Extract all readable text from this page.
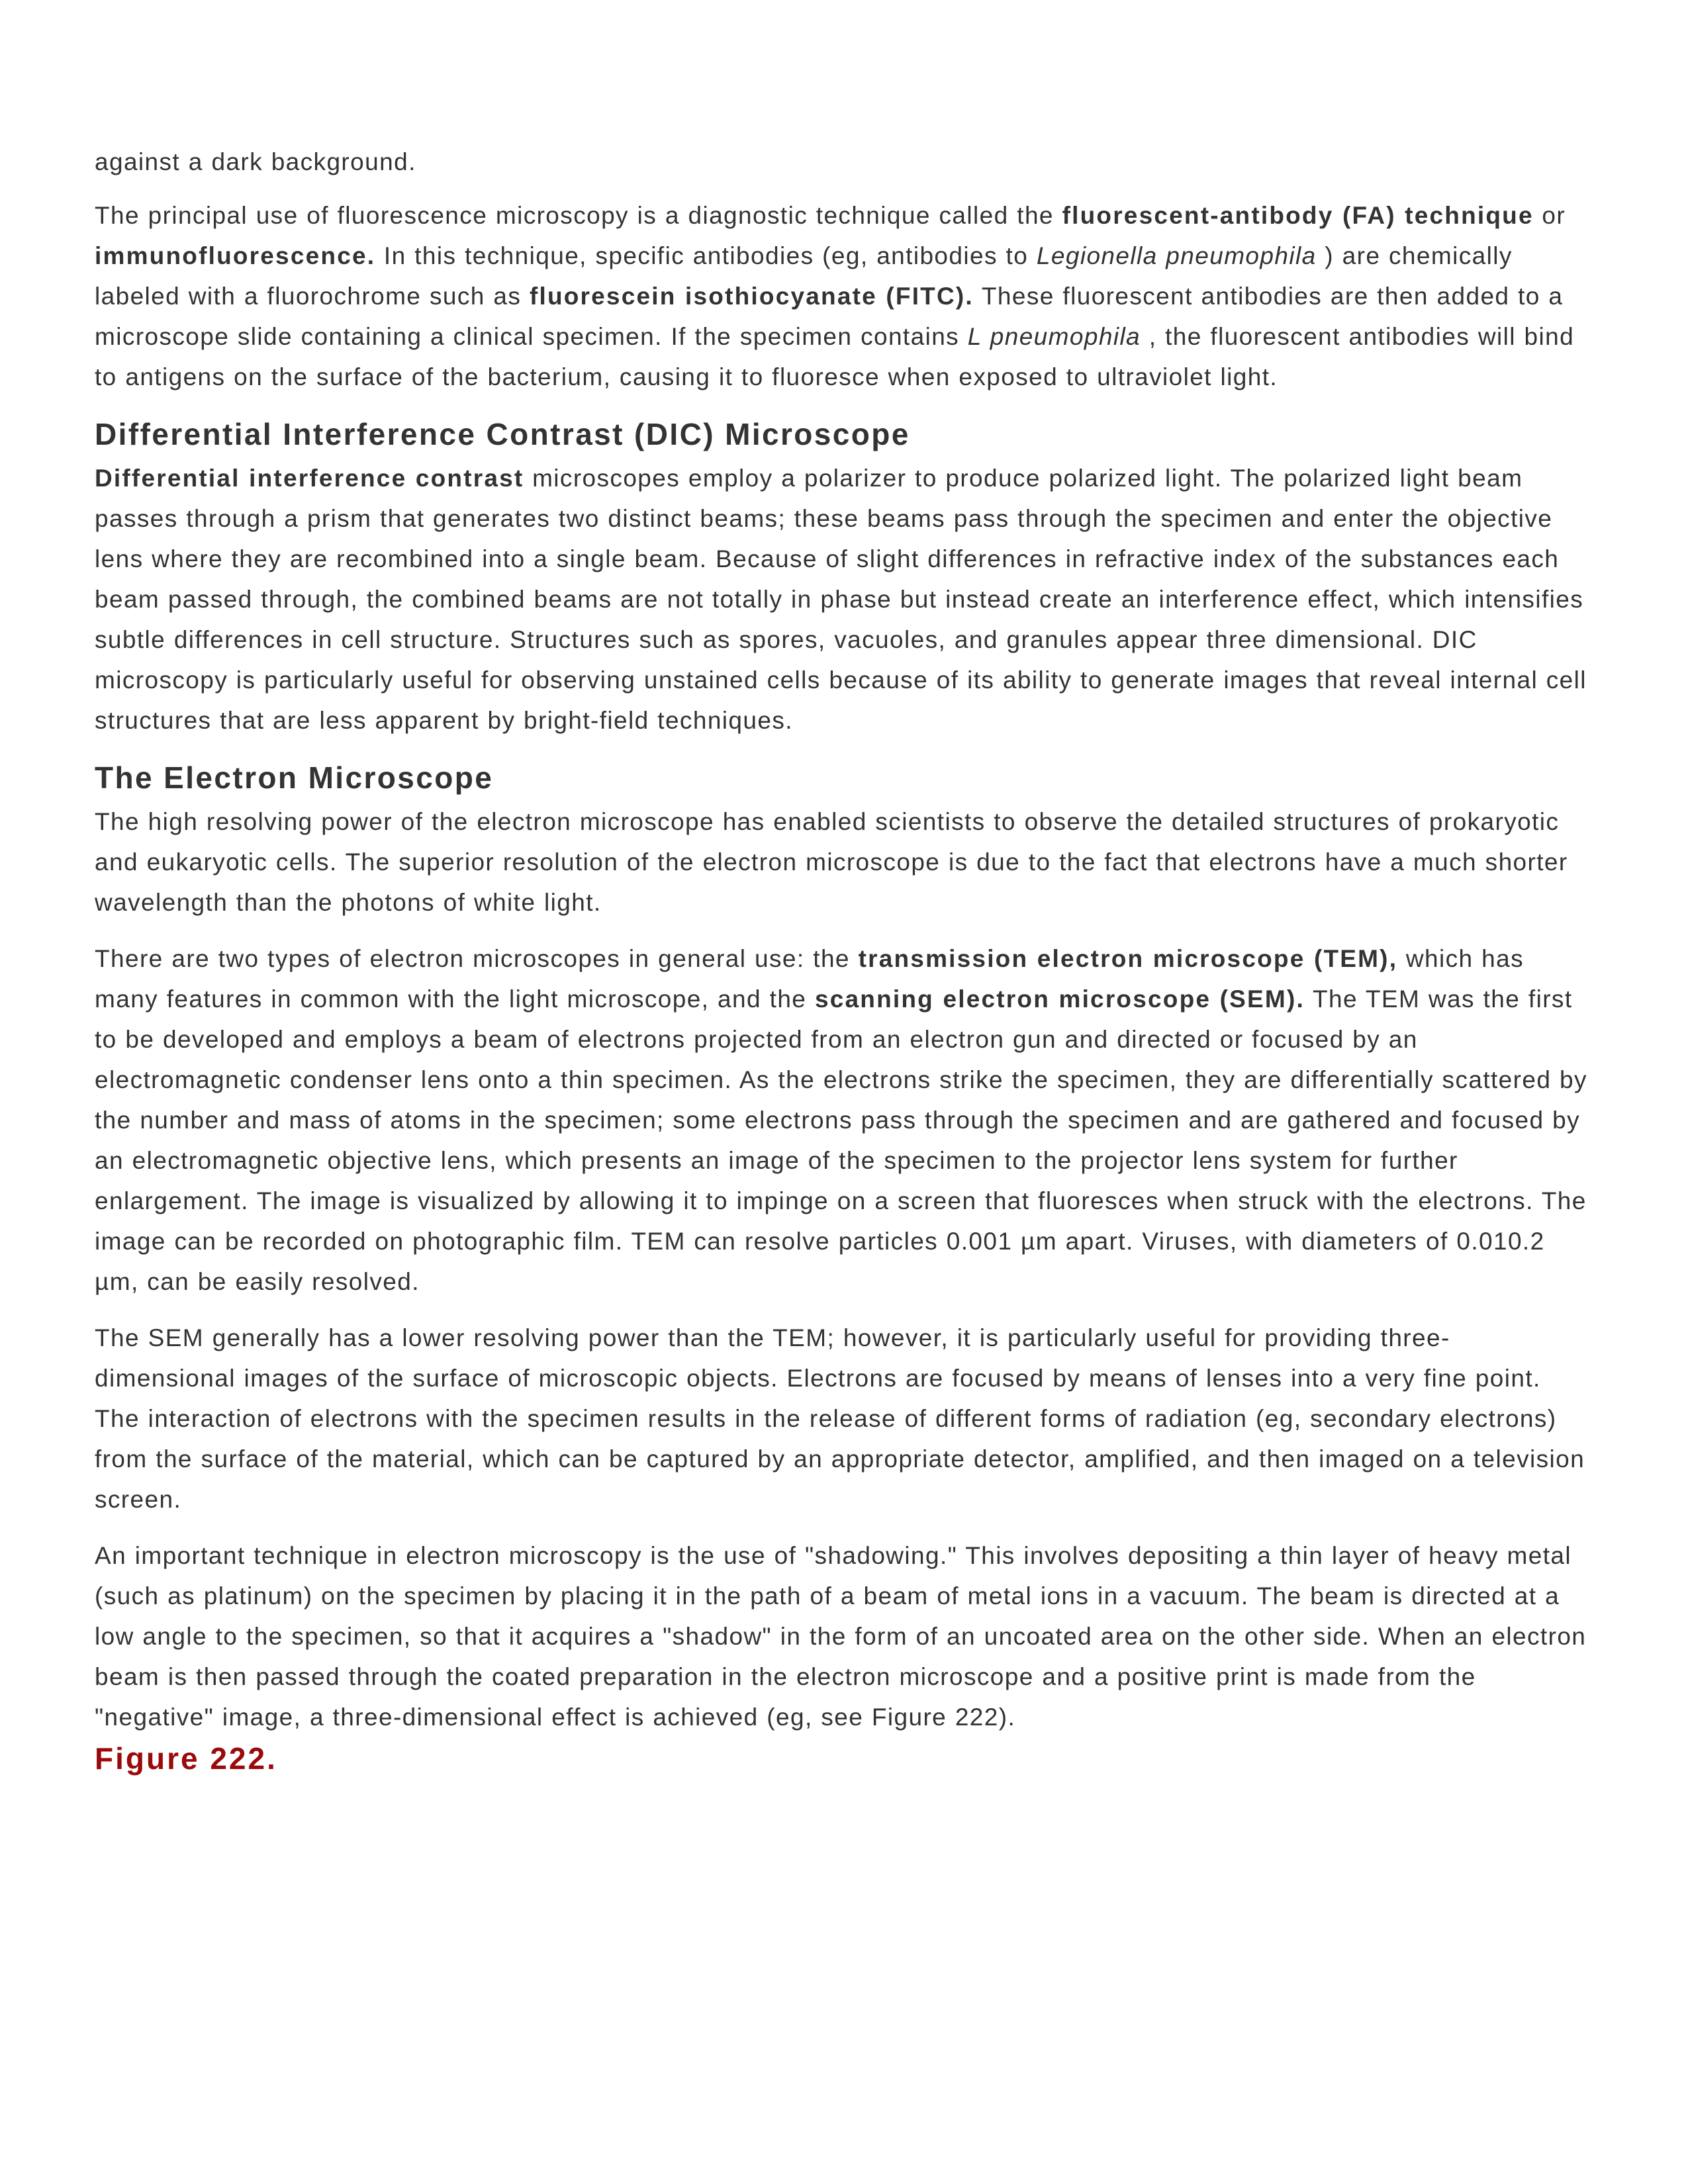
against a dark background.

The principal use of fluorescence microscopy is a diagnostic technique called the fluorescent-antibody (FA) technique or immunofluorescence. In this technique, specific antibodies (eg, antibodies to Legionella pneumophila ) are chemically labeled with a fluorochrome such as fluorescein isothiocyanate (FITC). These fluorescent antibodies are then added to a microscope slide containing a clinical specimen. If the specimen contains L pneumophila , the fluorescent antibodies will bind to antigens on the surface of the bacterium, causing it to fluoresce when exposed to ultraviolet light.

Differential Interference Contrast (DIC) Microscope

Differential interference contrast microscopes employ a polarizer to produce polarized light. The polarized light beam passes through a prism that generates two distinct beams; these beams pass through the specimen and enter the objective lens where they are recombined into a single beam. Because of slight differences in refractive index of the substances each beam passed through, the combined beams are not totally in phase but instead create an interference effect, which intensifies subtle differences in cell structure. Structures such as spores, vacuoles, and granules appear three dimensional. DIC microscopy is particularly useful for observing unstained cells because of its ability to generate images that reveal internal cell structures that are less apparent by bright-field techniques.

The Electron Microscope

The high resolving power of the electron microscope has enabled scientists to observe the detailed structures of prokaryotic and eukaryotic cells. The superior resolution of the electron microscope is due to the fact that electrons have a much shorter wavelength than the photons of white light.

There are two types of electron microscopes in general use: the transmission electron microscope (TEM), which has many features in common with the light microscope, and the scanning electron microscope (SEM). The TEM was the first to be developed and employs a beam of electrons projected from an electron gun and directed or focused by an electromagnetic condenser lens onto a thin specimen. As the electrons strike the specimen, they are differentially scattered by the number and mass of atoms in the specimen; some electrons pass through the specimen and are gathered and focused by an electromagnetic objective lens, which presents an image of the specimen to the projector lens system for further enlargement. The image is visualized by allowing it to impinge on a screen that fluoresces when struck with the electrons. The image can be recorded on photographic film. TEM can resolve particles 0.001 µm apart. Viruses, with diameters of 0.010.2 µm, can be easily resolved.

The SEM generally has a lower resolving power than the TEM; however, it is particularly useful for providing three-dimensional images of the surface of microscopic objects. Electrons are focused by means of lenses into a very fine point. The interaction of electrons with the specimen results in the release of different forms of radiation (eg, secondary electrons) from the surface of the material, which can be captured by an appropriate detector, amplified, and then imaged on a television screen.

An important technique in electron microscopy is the use of "shadowing." This involves depositing a thin layer of heavy metal (such as platinum) on the specimen by placing it in the path of a beam of metal ions in a vacuum. The beam is directed at a low angle to the specimen, so that it acquires a "shadow" in the form of an uncoated area on the other side. When an electron beam is then passed through the coated preparation in the electron microscope and a positive print is made from the "negative" image, a three-dimensional effect is achieved (eg, see Figure 222).

Figure 222.
